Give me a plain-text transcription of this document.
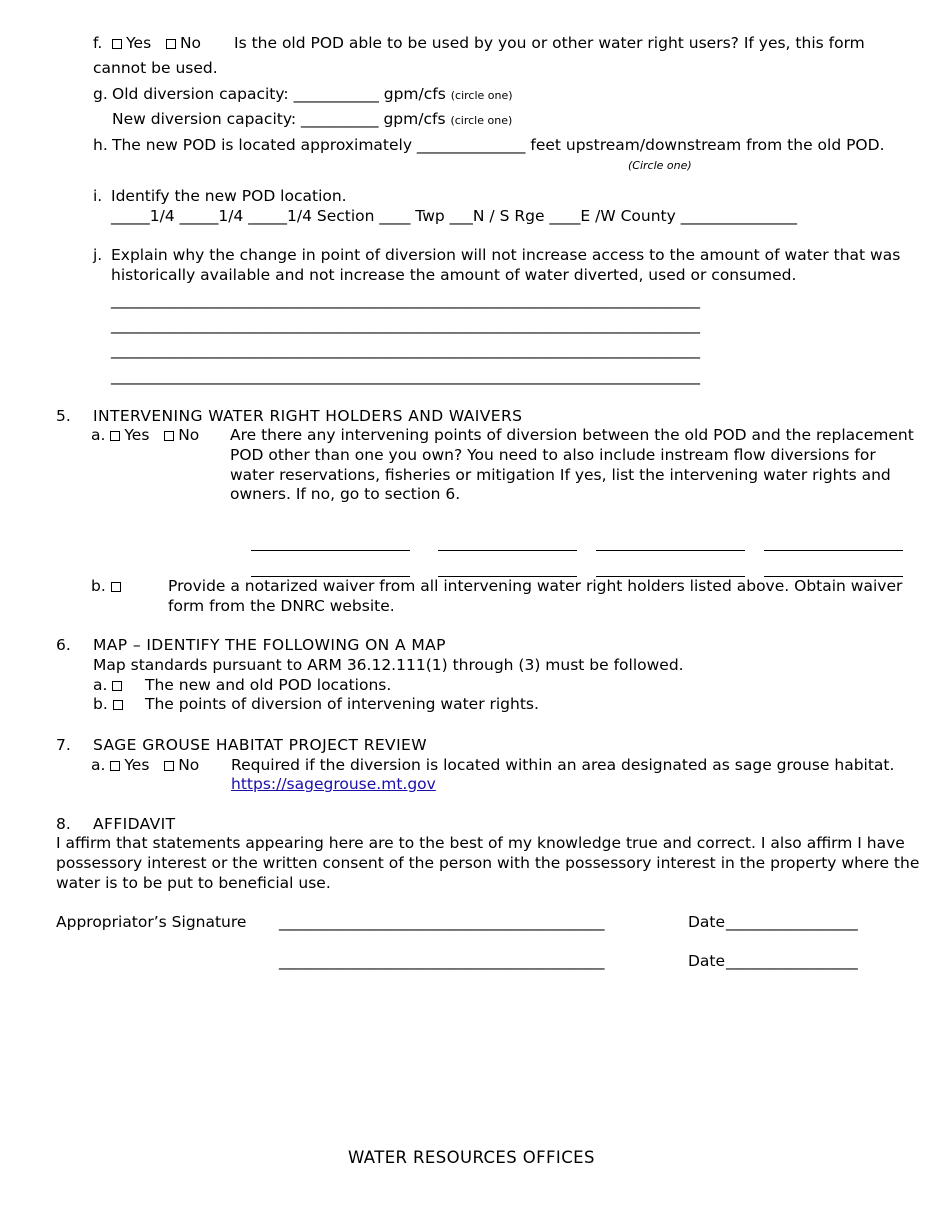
f. Yes No Is the old POD able to be used by you or other water right users? If yes, this form
cannot be used.
g. Old diversion capacity: ___________ gpm/cfs (circle one)
New diversion capacity: __________ gpm/cfs (circle one)
h. The new POD is located approximately ______________ feet upstream/downstream from the old POD.
(Circle one)
i. Identify the new POD location.
_____1/4 _____1/4 _____1/4 Section ____ Twp ___N / S Rge ____E /W County _______________
j. Explain why the change in point of diversion will not increase access to the amount of water that was
historically available and not increase the amount of water diverted, used or consumed.
____________________________________________________________________________
____________________________________________________________________________
____________________________________________________________________________
____________________________________________________________________________
5. INTERVENING WATER RIGHT HOLDERS AND WAIVERS
a. Yes No Are there any intervening points of diversion between the old POD and the replacement
POD other than one you own? You need to also include instream flow diversions for
water reservations, fisheries or mitigation If yes, list the intervening water rights and
owners. If no, go to section 6.
b.	Provide a notarized waiver from all intervening water right holders listed above. Obtain waiver
form from the DNRC website.
6. MAP – IDENTIFY THE FOLLOWING ON A MAP
Map standards pursuant to ARM 36.12.111(1) through (3) must be followed.
a.	The new and old POD locations.
b.	The points of diversion of intervening water rights.
7. SAGE GROUSE HABITAT PROJECT REVIEW
a. Yes No Required if the diversion is located within an area designated as sage grouse habitat.
https://sagegrouse.mt.gov
8. AFFIDAVIT
I affirm that statements appearing here are to the best of my knowledge true and correct. I also affirm I have
possessory interest or the written consent of the person with the possessory interest in the property where the
water is to be put to beneficial use.
Appropriator’s Signature __________________________________________	Date _________________
__________________________________________	Date _________________
WATER RESOURCES OFFICES
